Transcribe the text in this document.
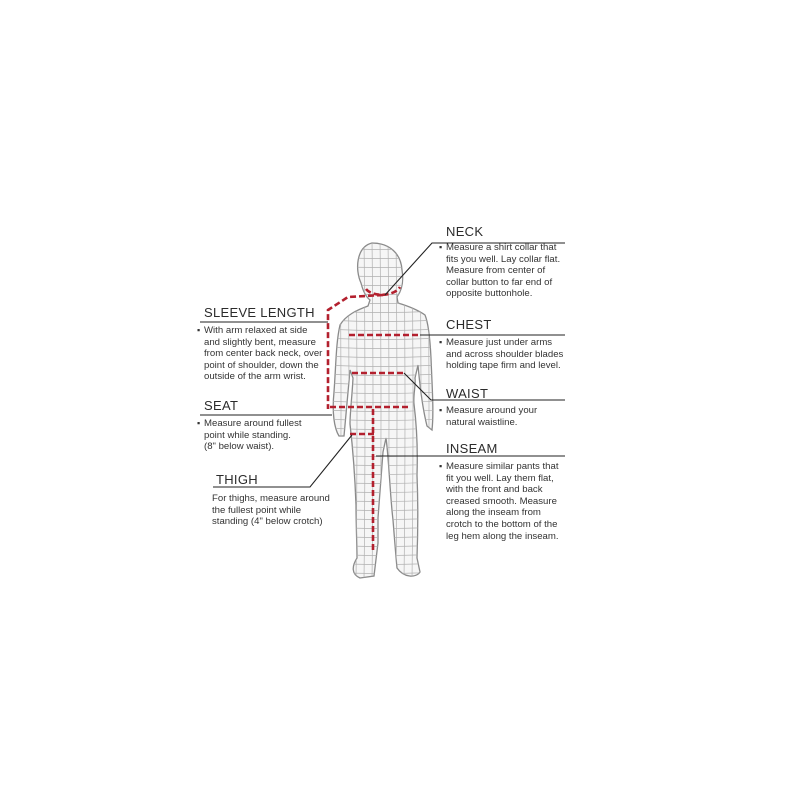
NECK
▪ Measure a shirt collar that
fits you well. Lay collar flat.
Measure from center of
collar button to far end of
opposite buttonhole.
CHEST
▪ Measure just under arms
and across shoulder blades
holding tape firm and level.
WAIST
▪ Measure around your
natural waistline.
INSEAM
▪ Measure similar pants that
fit you well. Lay them flat,
with the front and back
creased smooth. Measure
along the inseam from
crotch to the bottom of the
leg hem along the inseam.
SLEEVE LENGTH
▪ With arm relaxed at side
and slightly bent, measure
from center back neck, over
point of shoulder, down the
outside of the arm wrist.
SEAT
▪ Measure around fullest
point while standing.
(8" below waist).
THIGH
For thighs, measure around
the fullest point while
standing (4" below crotch)
